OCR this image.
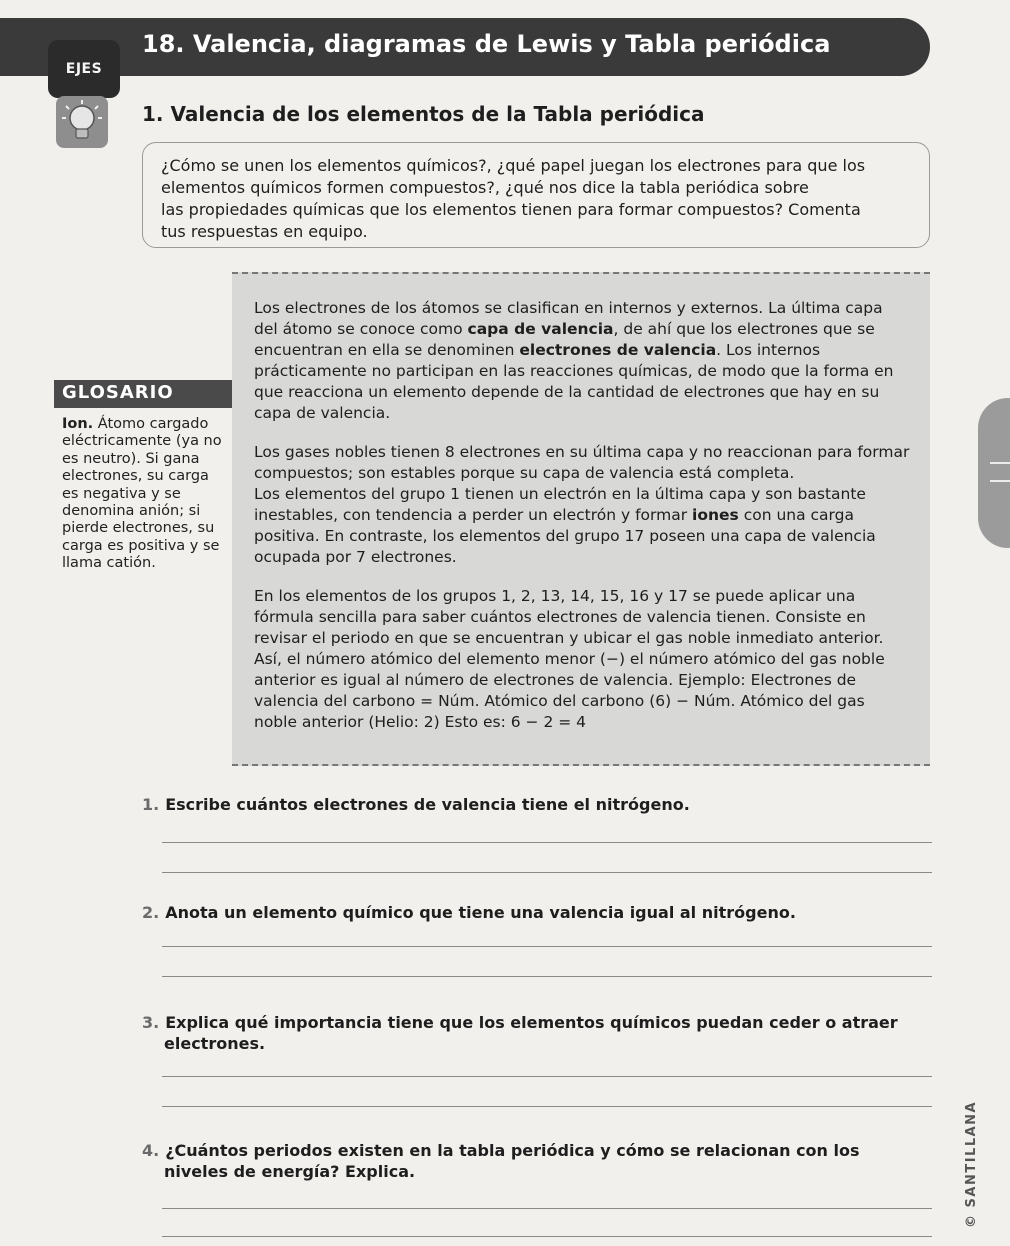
EJES
18. Valencia, diagramas de Lewis y Tabla periódica
1. Valencia de los elementos de la Tabla periódica
¿Cómo se unen los elementos químicos?, ¿qué papel juegan los electrones para que los
elementos químicos formen compuestos?, ¿qué nos dice la tabla periódica sobre
las propiedades químicas que los elementos tienen para formar compuestos? Comenta
tus respuestas en equipo.

Los electrones de los átomos se clasifican en internos y externos. La última capa del átomo se conoce como capa de valencia, de ahí que los electrones que se encuentran en ella se denominen electrones de valencia. Los internos prácticamente no participan en las reacciones químicas, de modo que la forma en que reacciona un elemento depende de la cantidad de electrones que hay en su capa de valencia.

Los gases nobles tienen 8 electrones en su última capa y no reaccionan para formar compuestos; son estables porque su capa de valencia está completa.

Los elementos del grupo 1 tienen un electrón en la última capa y son bastante inestables, con tendencia a perder un electrón y formar iones con una carga positiva. En contraste, los elementos del grupo 17 poseen una capa de valencia ocupada por 7 electrones.

En los elementos de los grupos 1, 2, 13, 14, 15, 16 y 17 se puede aplicar una fórmula sencilla para saber cuántos electrones de valencia tienen. Consiste en revisar el periodo en que se encuentran y ubicar el gas noble inmediato anterior. Así, el número atómico del elemento menor (−) el número atómico del gas noble anterior es igual al número de electrones de valencia. Ejemplo: Electrones de valencia del carbono = Núm. Atómico del carbono (6) − Núm. Atómico del gas noble anterior (Helio: 2) Esto es: 6 − 2 = 4

GLOSARIO
Ion. Átomo cargado eléctricamente (ya no es neutro). Si gana electrones, su carga es negativa y se denomina anión; si pierde electrones, su carga es positiva y se llama catión.
1. Escribe cuántos electrones de valencia tiene el nitrógeno.
2. Anota un elemento químico que tiene una valencia igual al nitrógeno.
3. Explica qué importancia tiene que los elementos químicos puedan ceder o atraer
electrones.
4. ¿Cuántos periodos existen en la tabla periódica y cómo se relacionan con los
niveles de energía? Explica.	© SANTILLANA
